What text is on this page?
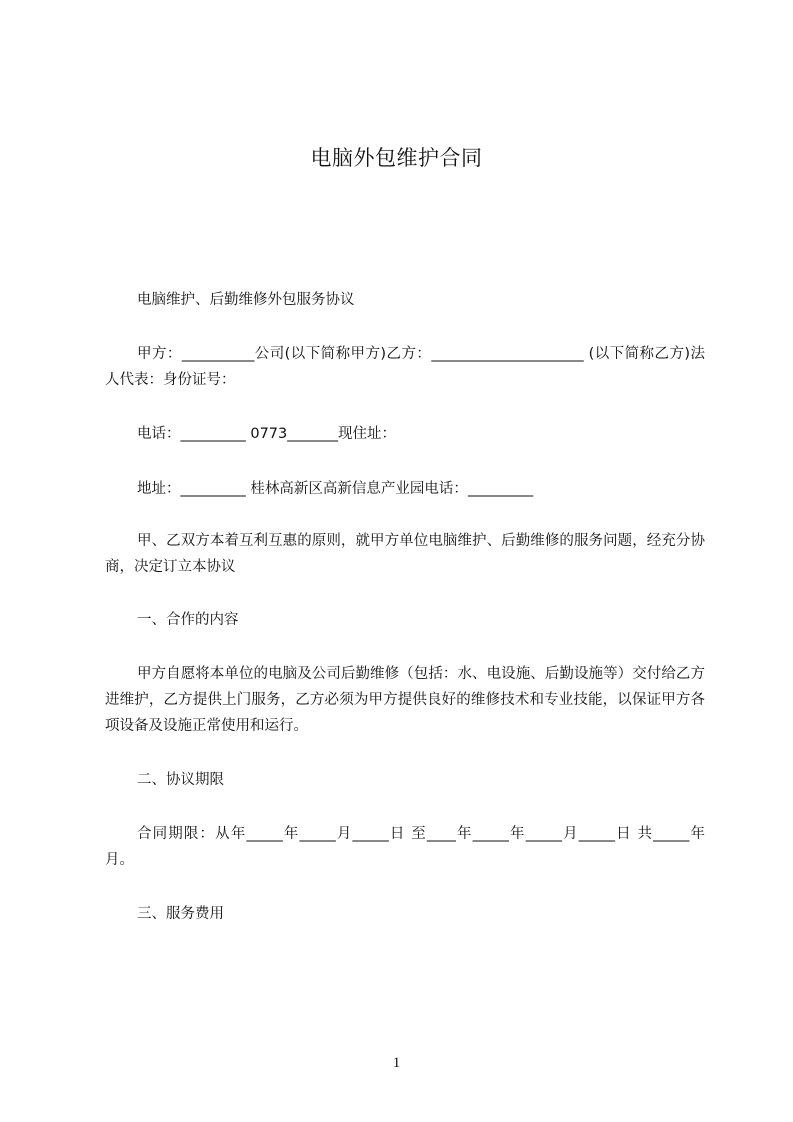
电脑外包维护合同
电脑维护、后勤维修外包服务协议
甲方：__________公司(以下简称甲方)乙方：_____________________ (以下简称乙方)法人代表：身份证号：
电话：_________ 0773_______现住址：
地址：_________ 桂林高新区高新信息产业园电话：_________
甲、乙双方本着互利互惠的原则，就甲方单位电脑维护、后勤维修的服务问题，经充分协商，决定订立本协议
一、合作的内容
甲方自愿将本单位的电脑及公司后勤维修（包括：水、电设施、后勤设施等）交付给乙方进维护，乙方提供上门服务，乙方必须为甲方提供良好的维修技术和专业技能，以保证甲方各项设备及设施正常使用和运行。
二、协议期限
合同期限：从年_____年_____月_____日 至____年_____年_____月_____日 共_____年 月。
三、服务费用
1
